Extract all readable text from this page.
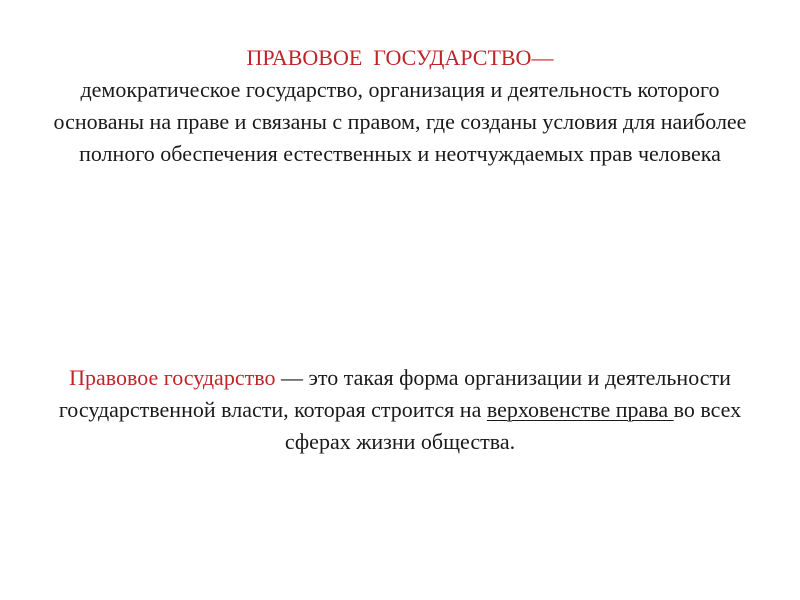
ПРАВОВОЕ  ГОСУДАРСТВО—
демократическое государство, организация и деятельность которого основаны на праве и связаны с правом, где созданы условия для наиболее полного обеспечения естественных и неотчуждаемых прав человека
Правовое государство — это такая форма организации и деятельности государственной власти, которая строится на верховенстве права во всех сферах жизни общества.
